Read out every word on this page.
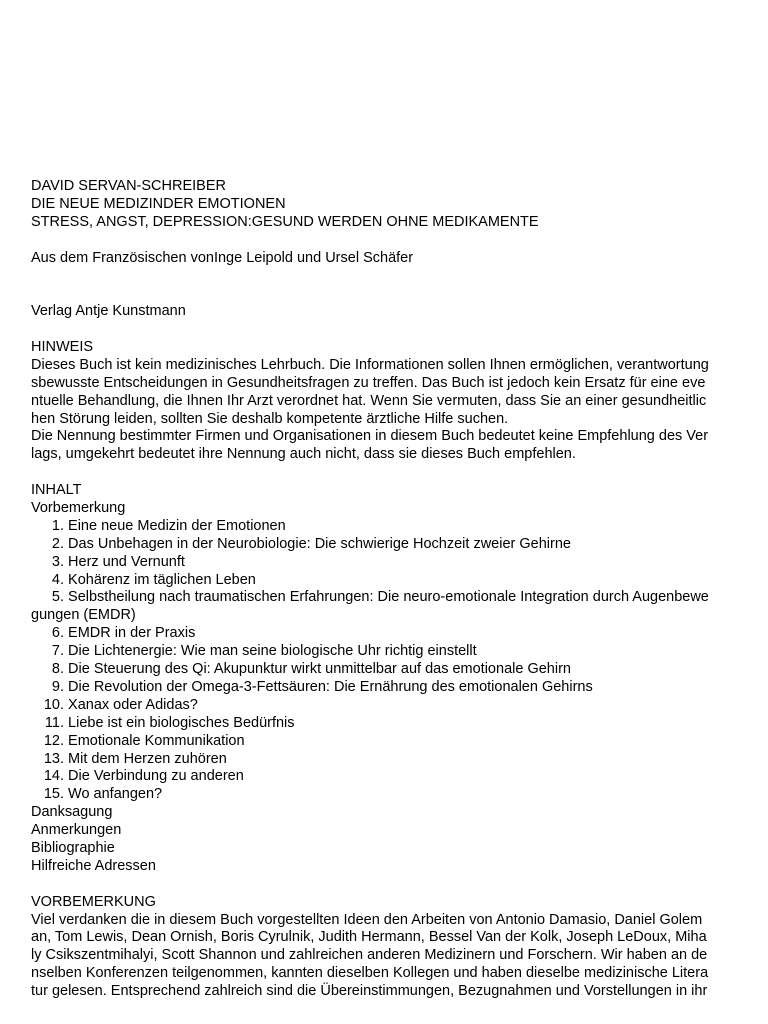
DAVID SERVAN-SCHREIBER
DIE NEUE MEDIZINDER EMOTIONEN
STRESS, ANGST, DEPRESSION:GESUND WERDEN OHNE MEDIKAMENTE
Aus dem Französischen vonInge Leipold und Ursel Schäfer
Verlag Antje Kunstmann
HINWEIS
Dieses Buch ist kein medizinisches Lehrbuch. Die Informationen sollen Ihnen ermöglichen, verantwortung
sbewusste Entscheidungen in Gesundheitsfragen zu treffen. Das Buch ist jedoch kein Ersatz für eine eve
ntuelle Behandlung, die Ihnen Ihr Arzt verordnet hat. Wenn Sie vermuten, dass Sie an einer gesundheitlic
hen Störung leiden, sollten Sie deshalb kompetente ärztliche Hilfe suchen.
Die Nennung bestimmter Firmen und Organisationen in diesem Buch bedeutet keine Empfehlung des Ver
lags, umgekehrt bedeutet ihre Nennung auch nicht, dass sie dieses Buch empfehlen.
INHALT
Vorbemerkung
1. Eine neue Medizin der Emotionen
2. Das Unbehagen in der Neurobiologie: Die schwierige Hochzeit zweier Gehirne
3. Herz und Vernunft
4. Kohärenz im täglichen Leben
5. Selbstheilung nach traumatischen Erfahrungen: Die neuro-emotionale Integration durch Augenbewe
gungen (EMDR)
6. EMDR in der Praxis
7. Die Lichtenergie: Wie man seine biologische Uhr richtig einstellt
8. Die Steuerung des Qi: Akupunktur wirkt unmittelbar auf das emotionale Gehirn
9. Die Revolution der Omega-3-Fettsäuren: Die Ernährung des emotionalen Gehirns
10. Xanax oder Adidas?
11. Liebe ist ein biologisches Bedürfnis
12. Emotionale Kommunikation
13. Mit dem Herzen zuhören
14. Die Verbindung zu anderen
15. Wo anfangen?
Danksagung
Anmerkungen
Bibliographie
Hilfreiche Adressen
VORBEMERKUNG
Viel verdanken die in diesem Buch vorgestellten Ideen den Arbeiten von Antonio Damasio, Daniel Golem
an, Tom Lewis, Dean Ornish, Boris Cyrulnik, Judith Hermann, Bessel Van der Kolk, Joseph LeDoux, Miha
ly Csikszentmihalyi, Scott Shannon und zahlreichen anderen Medizinern und Forschern. Wir haben an de
nselben Konferenzen teilgenommen, kannten dieselben Kollegen und haben dieselbe medizinische Litera
tur gelesen. Entsprechend zahlreich sind die Übereinstimmungen, Bezugnahmen und Vorstellungen in ihr
